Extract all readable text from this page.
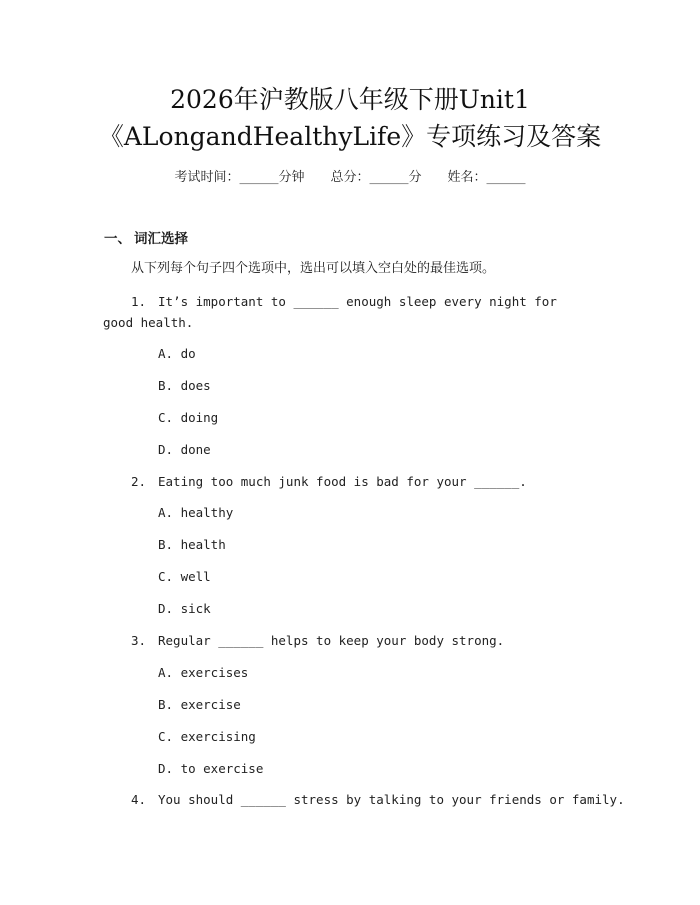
2026年沪教版八年级下册Unit1
《ALongandHealthyLife》专项练习及答案
考试时间：______分钟 总分：______分 姓名：______
一、 词汇选择
从下列每个句子四个选项中，选出可以填入空白处的最佳选项。
1. It’s important to ______ enough sleep every night for good health.
A. do
B. does
C. doing
D. done
2. Eating too much junk food is bad for your ______.
A. healthy
B. health
C. well
D. sick
3. Regular ______ helps to keep your body strong.
A. exercises
B. exercise
C. exercising
D. to exercise
4. You should ______ stress by talking to your friends or family.
